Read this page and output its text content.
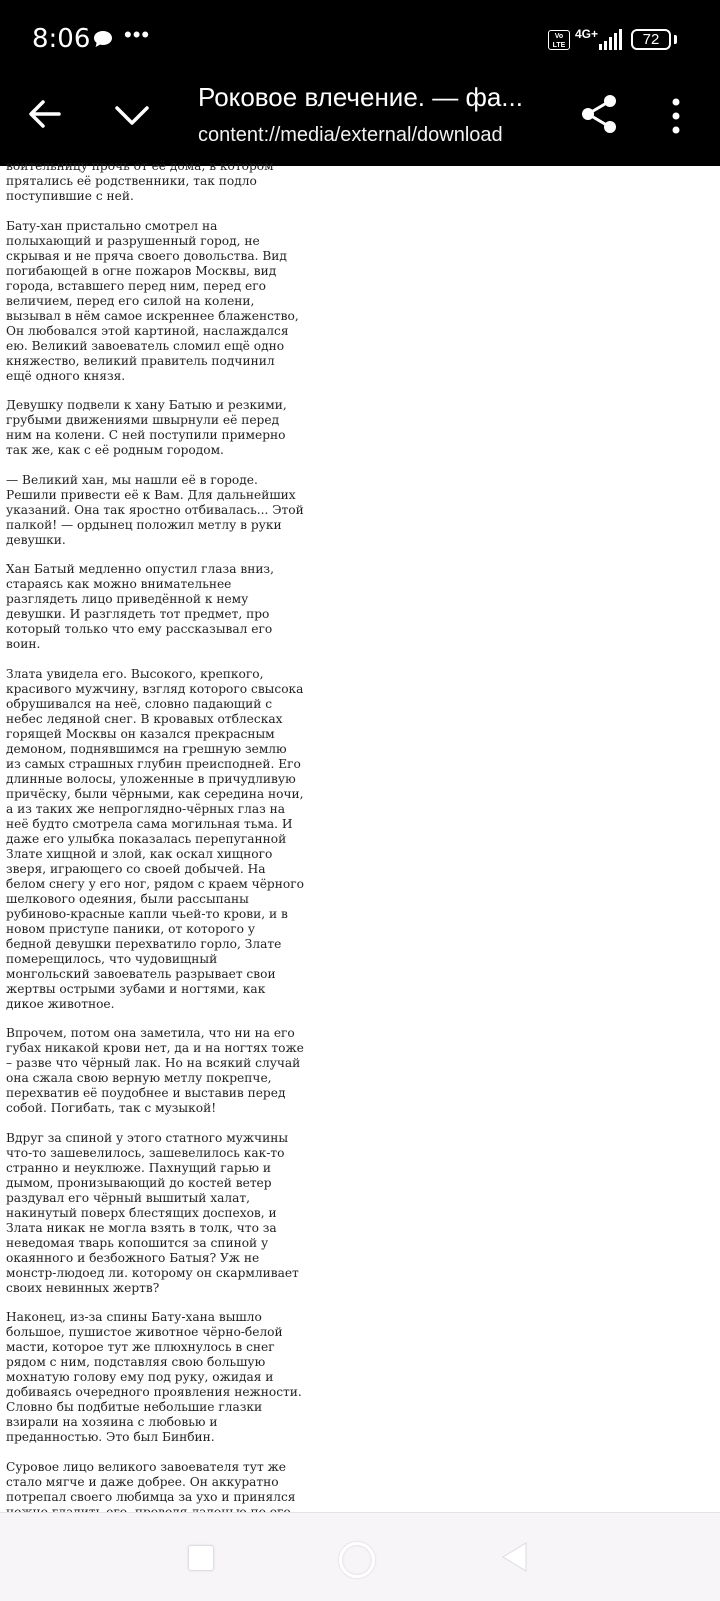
8:06 •••	Vo LTE
4G+	72
Роковое влечение. — фа...
content://media/external/download

воительницу прочь от её дома, в котором прятались её родственники, так подло поступившие с ней.

Бату-хан пристально смотрел на полыхающий и разрушенный город, не скрывая и не пряча своего довольства. Вид погибающей в огне пожаров Москвы, вид города, вставшего перед ним, перед его величием, перед его силой на колени, вызывал в нём самое искреннее блаженство, Он любовался этой картиной, наслаждался ею. Великий завоеватель сломил ещё одно княжество, великий правитель подчинил ещё одного князя.

Девушку подвели к хану Батыю и резкими, грубыми движениями швырнули её перед ним на колени. С ней поступили примерно так же, как с её родным городом.

— Великий хан, мы нашли её в городе. Решили привести её к Вам. Для дальнейших указаний. Она так яростно отбивалась... Этой палкой! — ордынец положил метлу в руки девушки.

Хан Батый медленно опустил глаза вниз, стараясь как можно внимательнее разглядеть лицо приведённой к нему девушки. И разглядеть тот предмет, про который только что ему рассказывал его воин.

Злата увидела его. Высокого, крепкого, красивого мужчину, взгляд которого свысока обрушивался на неё, словно падающий с небес ледяной снег. В кровавых отблесках горящей Москвы он казался прекрасным демоном, поднявшимся на грешную землю из самых страшных глубин преисподней. Его длинные волосы, уложенные в причудливую причёску, были чёрными, как середина ночи, а из таких же непроглядно-чёрных глаз на неё будто смотрела сама могильная тьма. И даже его улыбка показалась перепуганной Злате хищной и злой, как оскал хищного зверя, играющего со своей добычей. На белом снегу у его ног, рядом с краем чёрного шелкового одеяния, были рассыпаны рубиново-красные капли чьей-то крови, и в новом приступе паники, от которого у бедной девушки перехватило горло, Злате померещилось, что чудовищный монгольский завоеватель разрывает свои жертвы острыми зубами и ногтями, как дикое животное.

Впрочем, потом она заметила, что ни на его губах никакой крови нет, да и на ногтях тоже – разве что чёрный лак. Но на всякий случай она сжала свою верную метлу покрепче, перехватив её поудобнее и выставив перед собой. Погибать, так с музыкой!

Вдруг за спиной у этого статного мужчины что-то зашевелилось, зашевелилось как-то странно и неуклюже. Пахнущий гарью и дымом, пронизывающий до костей ветер раздувал его чёрный вышитый халат, накинутый поверх блестящих доспехов, и Злата никак не могла взять в толк, что за неведомая тварь копошится за спиной у окаянного и безбожного Батыя? Уж не монстр-людоед ли. которому он скармливает своих невинных жертв?

Наконец, из-за спины Бату-хана вышло большое, пушистое животное чёрно-белой масти, которое тут же плюхнулось в снег рядом с ним, подставляя свою большую мохнатую голову ему под руку, ожидая и добиваясь очередного проявления нежности. Словно бы подбитые небольшие глазки взирали на хозяина с любовью и преданностью. Это был Бинбин.

Суровое лицо великого завоевателя тут же стало мягче и даже добрее. Он аккуратно потрепал своего любимца за ухо и принялся
